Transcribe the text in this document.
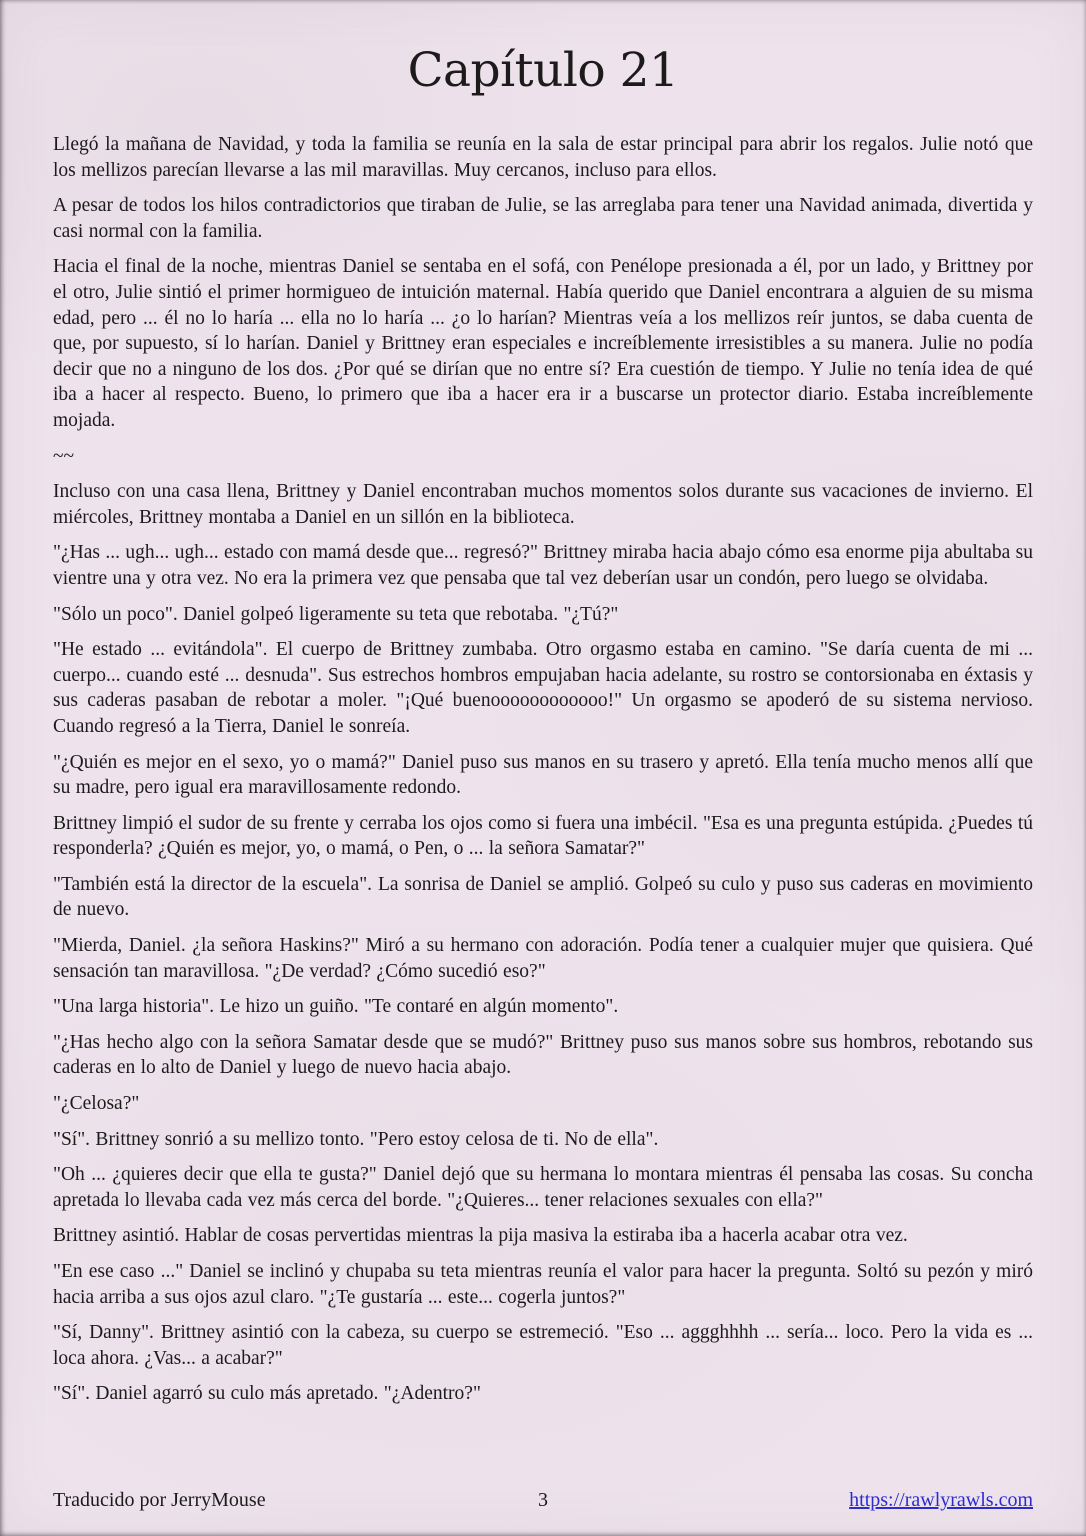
Capítulo 21

Llegó la mañana de Navidad, y toda la familia se reunía en la sala de estar principal para abrir los regalos. Julie notó que los mellizos parecían llevarse a las mil maravillas. Muy cercanos, incluso para ellos.

A pesar de todos los hilos contradictorios que tiraban de Julie, se las arreglaba para tener una Navidad animada, divertida y casi normal con la familia.

Hacia el final de la noche, mientras Daniel se sentaba en el sofá, con Penélope presionada a él, por un lado, y Brittney por el otro, Julie sintió el primer hormigueo de intuición maternal. Había querido que Daniel encontrara a alguien de su misma edad, pero ... él no lo haría ... ella no lo haría ... ¿o lo harían? Mientras veía a los mellizos reír juntos, se daba cuenta de que, por supuesto, sí lo harían. Daniel y Brittney eran especiales e increíblemente irresistibles a su manera. Julie no podía decir que no a ninguno de los dos. ¿Por qué se dirían que no entre sí? Era cuestión de tiempo. Y Julie no tenía idea de qué iba a hacer al respecto. Bueno, lo primero que iba a hacer era ir a buscarse un protector diario. Estaba increíblemente mojada.

~~

Incluso con una casa llena, Brittney y Daniel encontraban muchos momentos solos durante sus vacaciones de invierno. El miércoles, Brittney montaba a Daniel en un sillón en la biblioteca.

"¿Has ... ugh... ugh... estado con mamá desde que... regresó?" Brittney miraba hacia abajo cómo esa enorme pija abultaba su vientre una y otra vez. No era la primera vez que pensaba que tal vez deberían usar un condón, pero luego se olvidaba.

"Sólo un poco". Daniel golpeó ligeramente su teta que rebotaba. "¿Tú?"

"He estado ... evitándola". El cuerpo de Brittney zumbaba. Otro orgasmo estaba en camino. "Se daría cuenta de mi ... cuerpo... cuando esté ... desnuda". Sus estrechos hombros empujaban hacia adelante, su rostro se contorsionaba en éxtasis y sus caderas pasaban de rebotar a moler. "¡Qué buenoooooooooooo!" Un orgasmo se apoderó de su sistema nervioso. Cuando regresó a la Tierra, Daniel le sonreía.

"¿Quién es mejor en el sexo, yo o mamá?" Daniel puso sus manos en su trasero y apretó. Ella tenía mucho menos allí que su madre, pero igual era maravillosamente redondo.

Brittney limpió el sudor de su frente y cerraba los ojos como si fuera una imbécil. "Esa es una pregunta estúpida. ¿Puedes tú responderla? ¿Quién es mejor, yo, o mamá, o Pen, o ... la señora Samatar?"

"También está la director de la escuela". La sonrisa de Daniel se amplió. Golpeó su culo y puso sus caderas en movimiento de nuevo.

"Mierda, Daniel. ¿la señora Haskins?" Miró a su hermano con adoración. Podía tener a cualquier mujer que quisiera. Qué sensación tan maravillosa. "¿De verdad? ¿Cómo sucedió eso?"

"Una larga historia". Le hizo un guiño. "Te contaré en algún momento".

"¿Has hecho algo con la señora Samatar desde que se mudó?" Brittney puso sus manos sobre sus hombros, rebotando sus caderas en lo alto de Daniel y luego de nuevo hacia abajo.

"¿Celosa?"

"Sí". Brittney sonrió a su mellizo tonto. "Pero estoy celosa de ti. No de ella".

"Oh ... ¿quieres decir que ella te gusta?" Daniel dejó que su hermana lo montara mientras él pensaba las cosas. Su concha apretada lo llevaba cada vez más cerca del borde. "¿Quieres... tener relaciones sexuales con ella?"

Brittney asintió. Hablar de cosas pervertidas mientras la pija masiva la estiraba iba a hacerla acabar otra vez.

"En ese caso ..." Daniel se inclinó y chupaba su teta mientras reunía el valor para hacer la pregunta. Soltó su pezón y miró hacia arriba a sus ojos azul claro. "¿Te gustaría ... este... cogerla juntos?"

"Sí, Danny". Brittney asintió con la cabeza, su cuerpo se estremeció. "Eso ... aggghhhh ... sería... loco. Pero la vida es ... loca ahora. ¿Vas... a acabar?"

"Sí". Daniel agarró su culo más apretado. "¿Adentro?"

Traducido por JerryMouse	3	https://rawlyrawls.com
